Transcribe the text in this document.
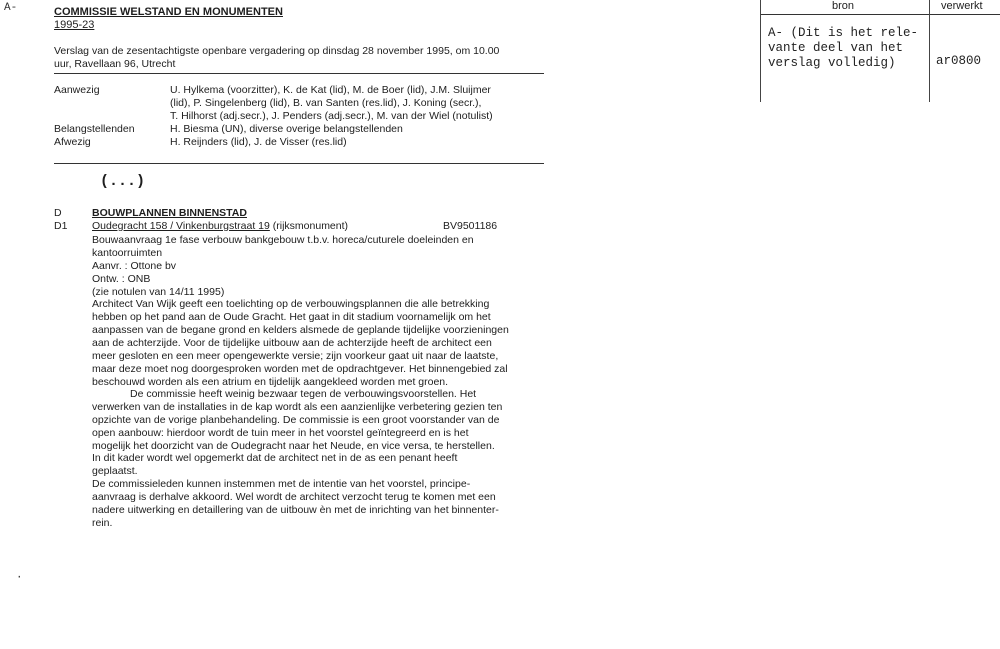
A-
·
COMMISSIE WELSTAND EN MONUMENTEN
1995-23
Verslag van de zesentachtigste openbare vergadering op dinsdag 28 november 1995, om 10.00
uur, Ravellaan 96, Utrecht
Aanwezig	U. Hylkema (voorzitter), K. de Kat (lid), M. de Boer (lid), J.M. Sluijmer
(lid), P. Singelenberg (lid), B. van Santen (res.lid), J. Koning (secr.),
T. Hilhorst (adj.secr.), J. Penders (adj.secr.), M. van der Wiel (notulist)
Belangstellenden	H. Biesma (UN), diverse overige belangstellenden
Afwezig	H. Reijnders (lid), J. de Visser (res.lid)
(...)
D	BOUWPLANNEN BINNENSTAD
D1 Oudegracht 158 / Vinkenburgstraat 19 (rijksmonument)	BV9501186
Bouwaanvraag 1e fase verbouw bankgebouw t.b.v. horeca/cuturele doeleinden en
kantoorruimten
Aanvr. : Ottone bv
Ontw. : ONB
(zie notulen van 14/11 1995)
Architect Van Wijk geeft een toelichting op de verbouwingsplannen die alle betrekking
hebben op het pand aan de Oude Gracht. Het gaat in dit stadium voornamelijk om het
aanpassen van de begane grond en kelders alsmede de geplande tijdelijke voorzieningen
aan de achterzijde. Voor de tijdelijke uitbouw aan de achterzijde heeft de architect een
meer gesloten en een meer opengewerkte versie; zijn voorkeur gaat uit naar de laatste,
maar deze moet nog doorgesproken worden met de opdrachtgever. Het binnengebied zal
beschouwd worden als een atrium en tijdelijk aangekleed worden met groen.
De commissie heeft weinig bezwaar tegen de verbouwingsvoorstellen. Het
verwerken van de installaties in de kap wordt als een aanzienlijke verbetering gezien ten
opzichte van de vorige planbehandeling. De commissie is een groot voorstander van de
open aanbouw: hierdoor wordt de tuin meer in het voorstel geïntegreerd en is het
mogelijk het doorzicht van de Oudegracht naar het Neude, en vice versa, te herstellen.
In dit kader wordt wel opgemerkt dat de architect net in de as een penant heeft
geplaatst.
De commissieleden kunnen instemmen met de intentie van het voorstel, principe-
aanvraag is derhalve akkoord. Wel wordt de architect verzocht terug te komen met een
nadere uitwerking en detaillering van de uitbouw èn met de inrichting van het binnenter-
rein.
bron	verwerkt
A- (Dit is het rele-
vante deel van het
verslag volledig)	ar0800
